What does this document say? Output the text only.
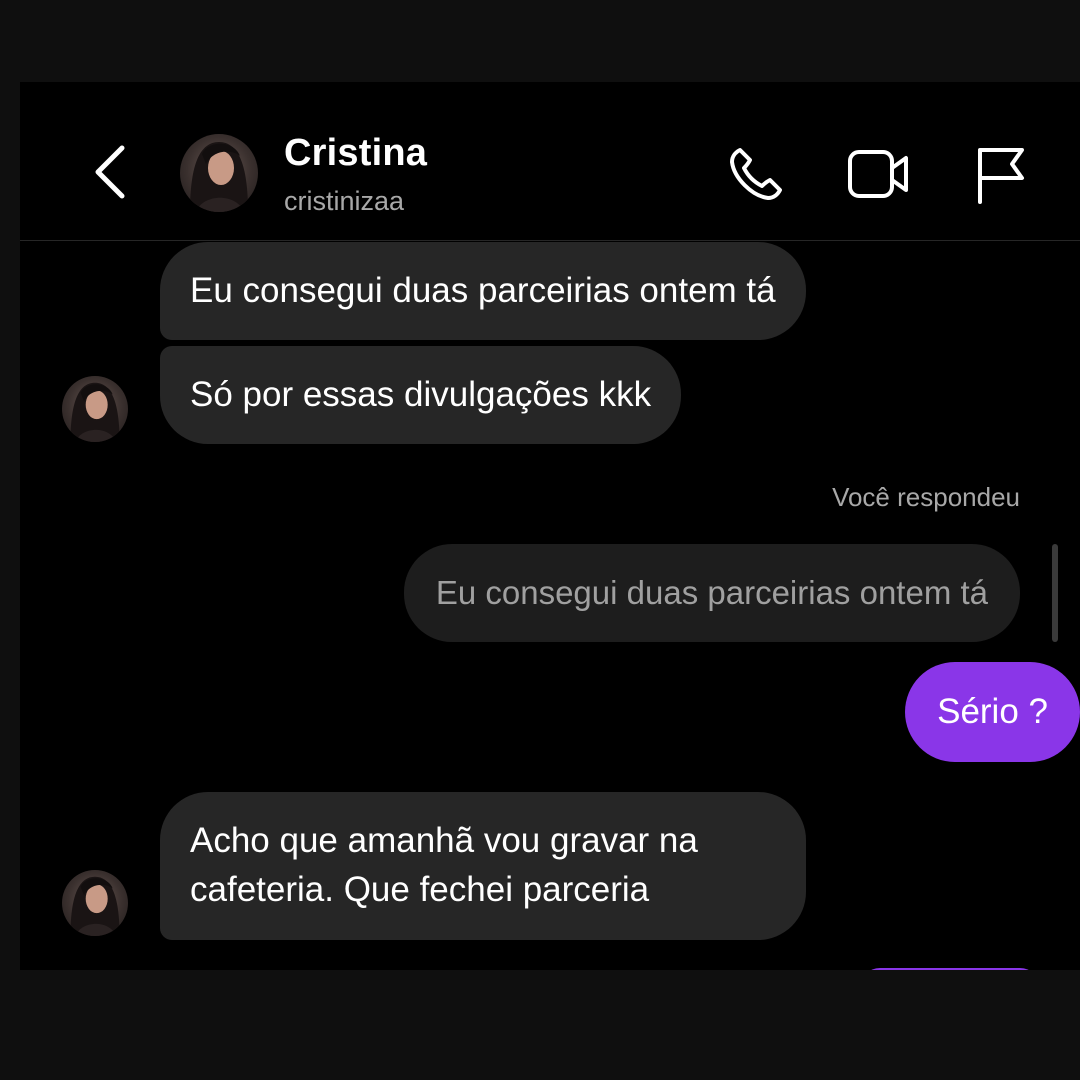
Cristina
cristinizaa
Eu consegui duas parceirias ontem tá
Só por essas divulgações kkk
Você respondeu
Eu consegui duas parceirias ontem tá
Sério ?
Acho que amanhã vou gravar na
cafeteria. Que fechei parceria
